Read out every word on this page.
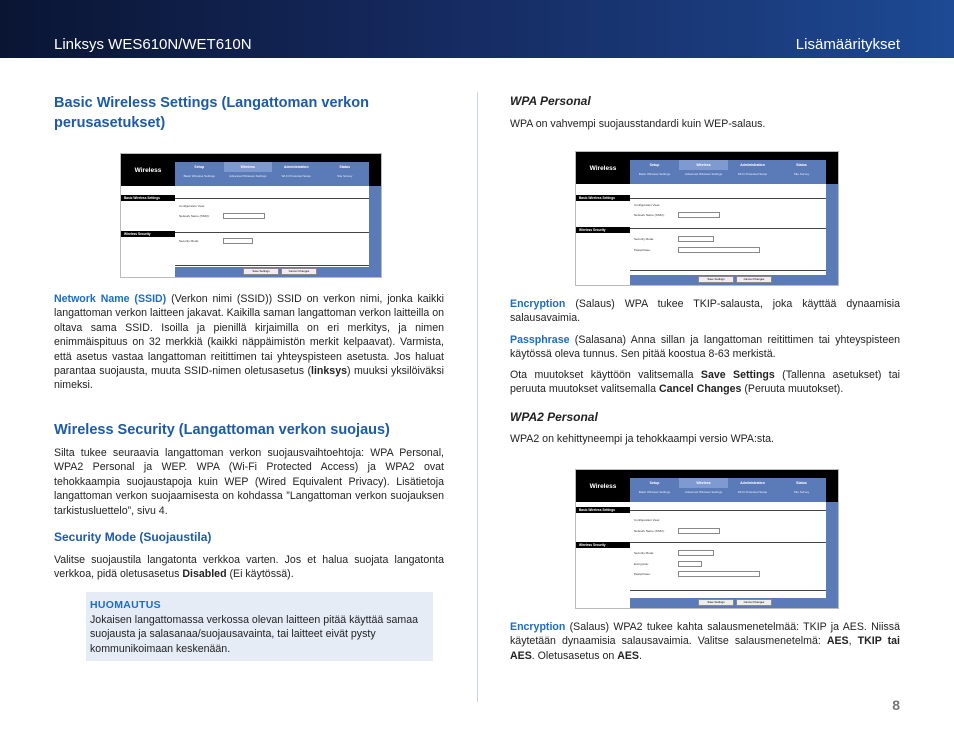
Linksys WES610N/WET610N	Lisämääritykset
Basic Wireless Settings (Langattoman verkon perusasetukset)
Wireless	Setup	Wireless	Administration	Status
Basic Wireless Settings	Advanced Wireless Settings	Wi-Fi Protected Setup	Site Survey
Basic Wireless Settings
Wireless Security
Configuration View:
Network Name (SSID):
Security Mode:
Save Settings	Cancel Changes
Network Name (SSID) (Verkon nimi (SSID)) SSID on verkon nimi, jonka kaikki langattoman verkon laitteen jakavat. Kaikilla saman langattoman verkon laitteilla on oltava sama SSID. Isoilla ja pienillä kirjaimilla on eri merkitys, ja nimen enimmäispituus on 32 merkkiä (kaikki näppäimistön merkit kelpaavat). Varmista, että asetus vastaa langattoman reitittimen tai yhteyspisteen asetusta. Jos haluat parantaa suojausta, muuta SSID-nimen oletusasetus (linksys) muuksi yksilöiväksi nimeksi.
Wireless Security (Langattoman verkon suojaus)
Silta tukee seuraavia langattoman verkon suojausvaihtoehtoja: WPA Personal, WPA2 Personal ja WEP. WPA (Wi-Fi Protected Access) ja WPA2 ovat tehokkaampia suojaustapoja kuin WEP (Wired Equivalent Privacy). Lisätietoja langattoman verkon suojaamisesta on kohdassa ”Langattoman verkon suojauksen tarkistusluettelo”, sivu 4.
Security Mode (Suojaustila)
Valitse suojaustila langatonta verkkoa varten. Jos et halua suojata langatonta verkkoa, pidä oletusasetus Disabled (Ei käytössä).
HUOMAUTUS
Jokaisen langattomassa verkossa olevan laitteen pitää käyttää samaa suojausta ja salasanaa/suojausavainta, tai laitteet eivät pysty kommunikoimaan keskenään.
WPA Personal
WPA on vahvempi suojausstandardi kuin WEP-salaus.
Wireless	Setup	Wireless	Administration	Status
Basic Wireless Settings	Advanced Wireless Settings	Wi-Fi Protected Setup	Site Survey
Basic Wireless Settings
Wireless Security
Configuration View:
Network Name (SSID):
Security Mode:
Passphrase:
Save Settings	Cancel Changes
Encryption (Salaus) WPA tukee TKIP-salausta, joka käyttää dynaamisia salausavaimia.
Passphrase (Salasana) Anna sillan ja langattoman reitittimen tai yhteyspisteen käytössä oleva tunnus. Sen pitää koostua 8-63 merkistä.
Ota muutokset käyttöön valitsemalla Save Settings (Tallenna asetukset) tai peruuta muutokset valitsemalla Cancel Changes (Peruuta muutokset).
WPA2 Personal
WPA2 on kehittyneempi ja tehokkaampi versio WPA:sta.
Wireless	Setup	Wireless	Administration	Status
Basic Wireless Settings	Advanced Wireless Settings	Wi-Fi Protected Setup	Site Survey
Basic Wireless Settings
Wireless Security
Configuration View:
Network Name (SSID):
Security Mode:
Encryption:
Passphrase:
Save Settings	Cancel Changes
Encryption (Salaus) WPA2 tukee kahta salausmenetelmää: TKIP ja AES. Niissä käytetään dynaamisia salausavaimia. Valitse salausmenetelmä: AES, TKIP tai AES. Oletusasetus on AES.
8
